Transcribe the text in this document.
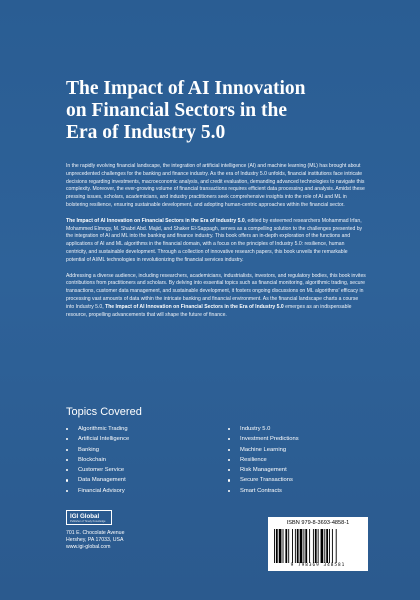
The Impact of AI Innovation
on Financial Sectors in the
Era of Industry 5.0

In the rapidly evolving financial landscape, the integration of artificial intelligence (AI) and machine learning (ML) has brought about unprecedented challenges for the banking and finance industry. As the era of Industry 5.0 unfolds, financial institutions face intricate decisions regarding investments, macroeconomic analysis, and credit evaluation, demanding advanced technologies to navigate this complexity. Moreover, the ever-growing volume of financial transactions requires efficient data processing and analysis. Amidst these pressing issues, scholars, academicians, and industry practitioners seek comprehensive insights into the role of AI and ML in bolstering resilience, ensuring sustainable development, and adopting human-centric approaches within the financial sector.

The Impact of AI Innovation on Financial Sectors in the Era of Industry 5.0, edited by esteemed researchers Mohammad Irfan, Mohammed Elmogy, M. Shabri Abd. Majid, and Shaker El-Sappagh, serves as a compelling solution to the challenges presented by the integration of AI and ML into the banking and finance industry. This book offers an in-depth exploration of the functions and applications of AI and ML algorithms in the financial domain, with a focus on the principles of Industry 5.0: resilience, human centricity, and sustainable development. Through a collection of innovative research papers, this book unveils the remarkable potential of AI/ML technologies in revolutionizing the financial services industry.

Addressing a diverse audience, including researchers, academicians, industrialists, investors, and regulatory bodies, this book invites contributions from practitioners and scholars. By delving into essential topics such as financial monitoring, algorithmic trading, secure transactions, customer data management, and sustainable development, it fosters ongoing discussions on ML algorithms' efficacy in processing vast amounts of data within the intricate banking and financial environment. As the financial landscape charts a course into Industry 5.0, The Impact of AI Innovation on Financial Sectors in the Era of Industry 5.0 emerges as an indispensable resource, propelling advancements that will shape the future of finance.

Topics Covered
Algorithmic Trading
Artificial Intelligence
Banking
Blockchain
Customer Service
Data Management
Financial Advisory
Industry 5.0
Investment Predictions
Machine Learning
Resilience
Risk Management
Secure Transactions
Smart Contracts
IGI Global
Publisher of Timely Knowledge
701 E. Chocolate Avenue
Hershey, PA 17033, USA
www.igi-global.com
ISBN 979-8-3693-4858-1
9 798369 348581
